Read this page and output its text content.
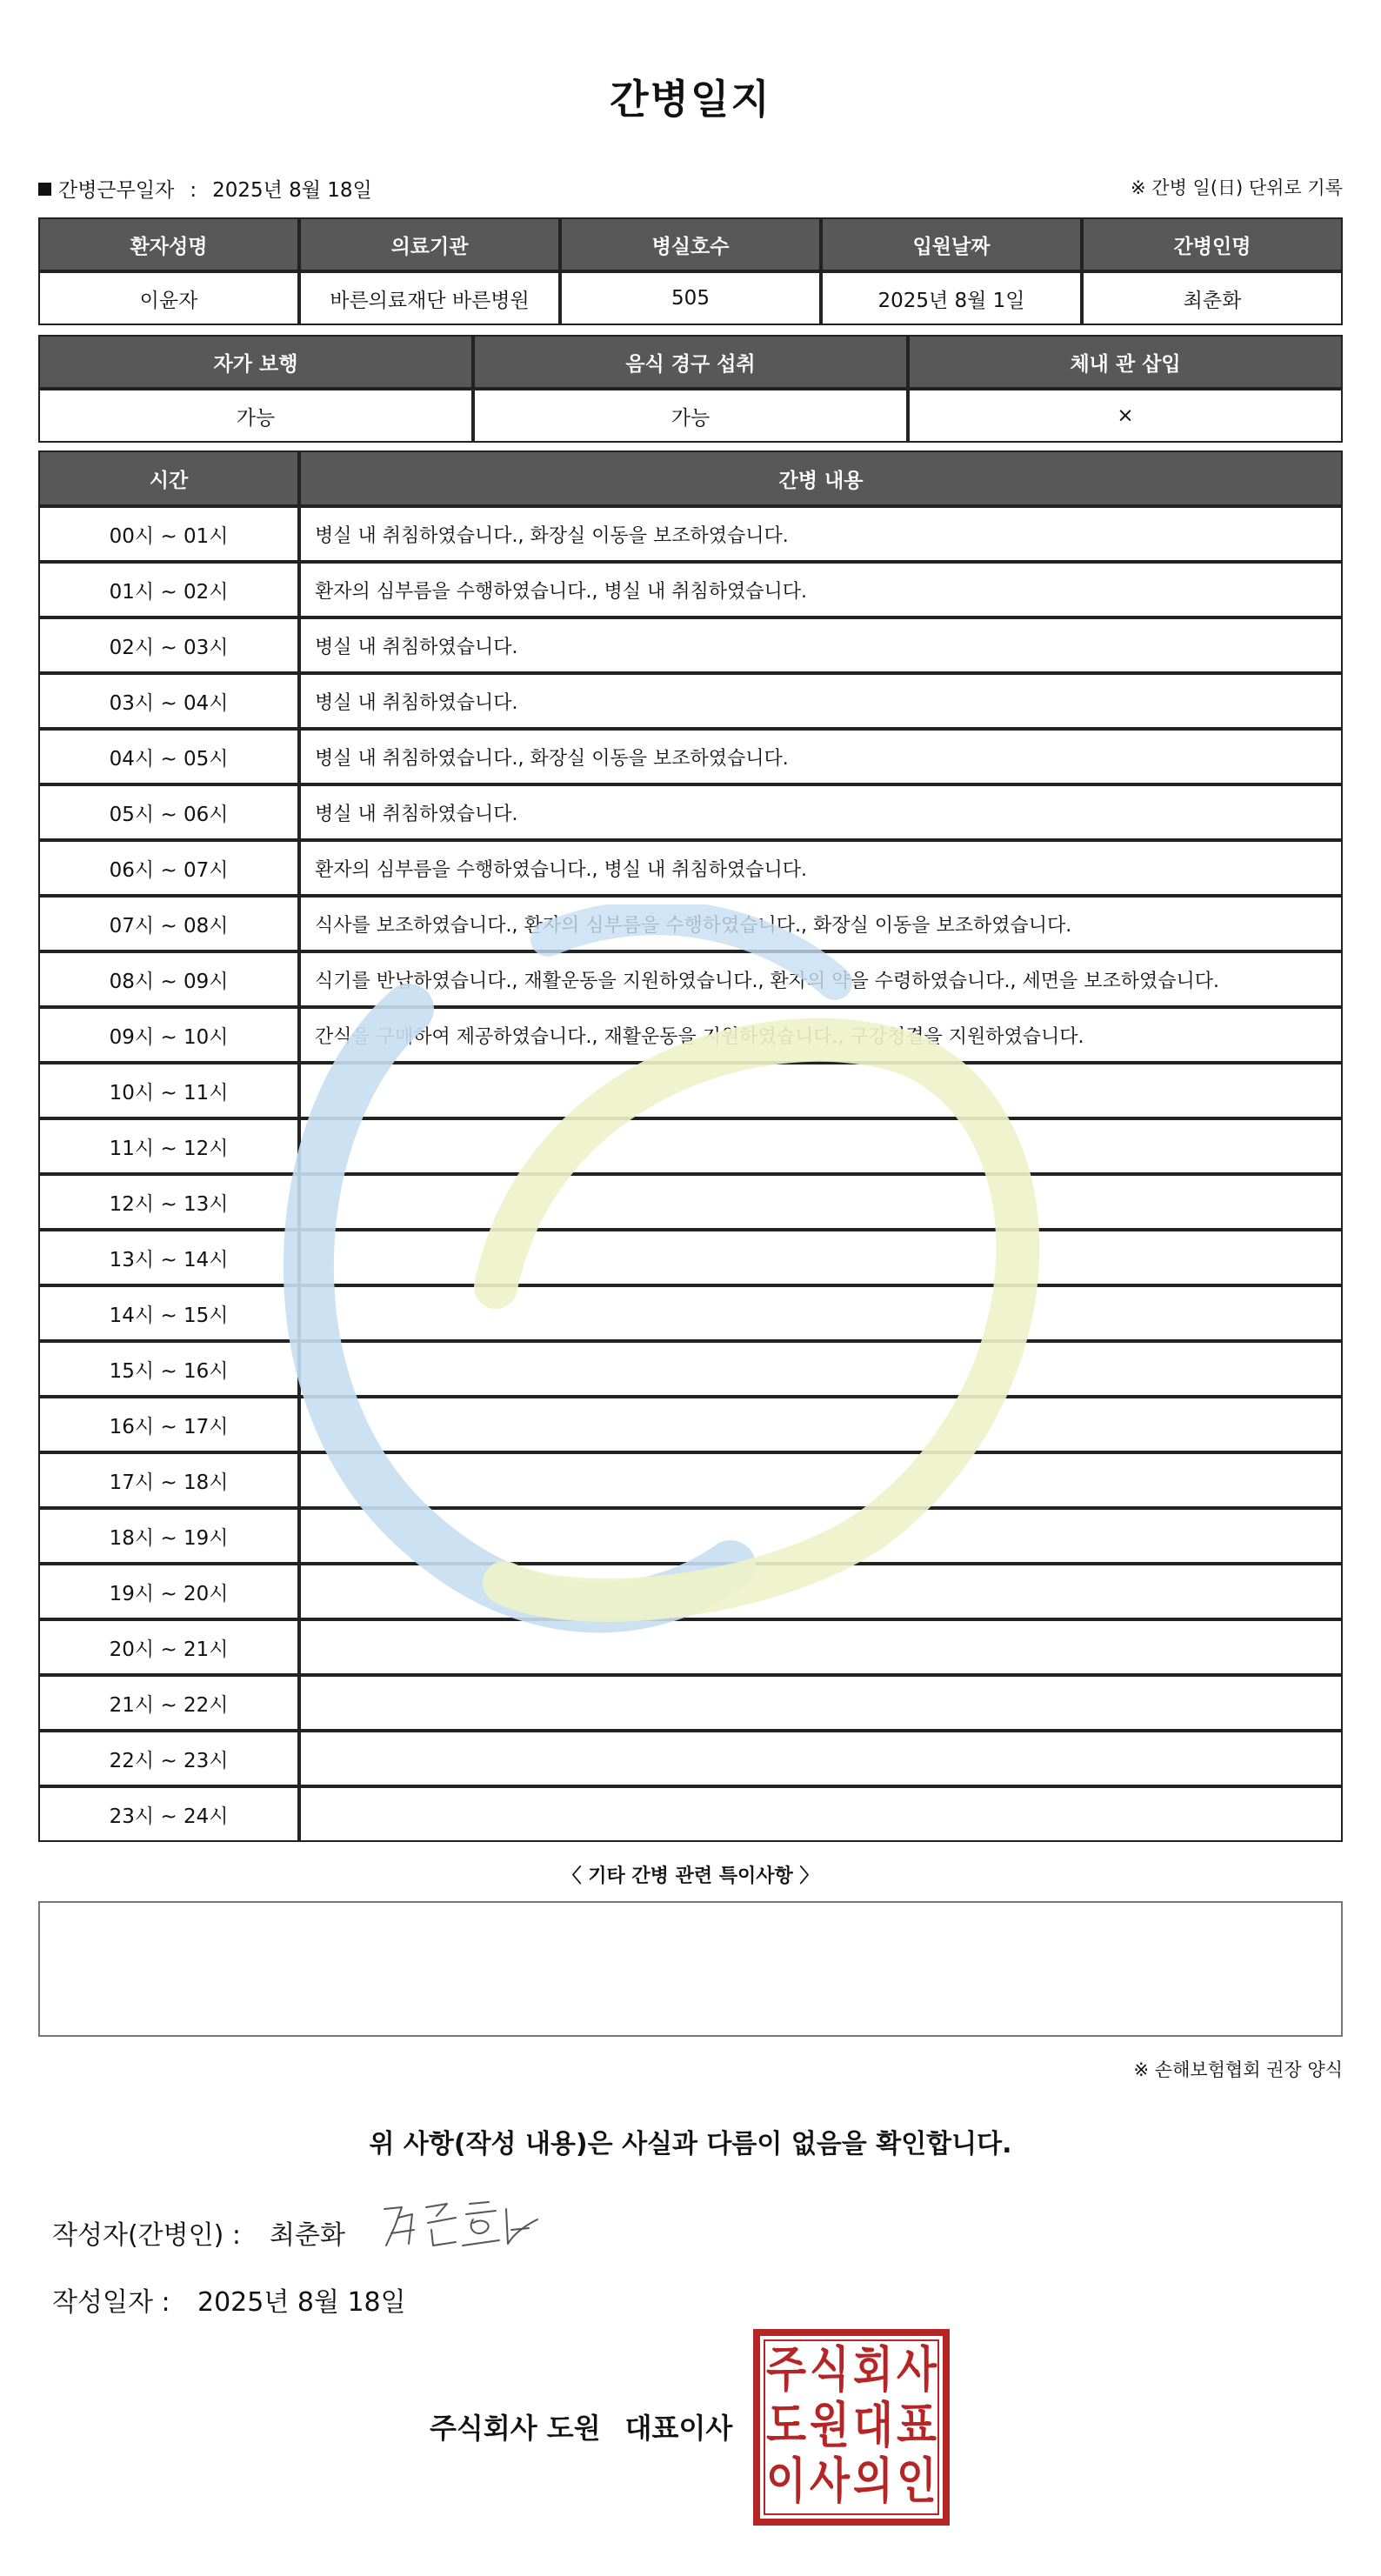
간병일지
간병근무일자 : 2025년 8월 18일	※ 간병 일(日) 단위로 기록
환자성명	의료기관	병실호수	입원날짜	간병인명
이윤자	바른의료재단 바른병원	505	2025년 8월 1일	최춘화
자가 보행	음식 경구 섭취	체내 관 삽입
가능	가능	×
시간	간병 내용
00시 ~ 01시	병실 내 취침하였습니다., 화장실 이동을 보조하였습니다.
01시 ~ 02시	환자의 심부름을 수행하였습니다., 병실 내 취침하였습니다.
02시 ~ 03시	병실 내 취침하였습니다.
03시 ~ 04시	병실 내 취침하였습니다.
04시 ~ 05시	병실 내 취침하였습니다., 화장실 이동을 보조하였습니다.
05시 ~ 06시	병실 내 취침하였습니다.
06시 ~ 07시	환자의 심부름을 수행하였습니다., 병실 내 취침하였습니다.
07시 ~ 08시	식사를 보조하였습니다., 환자의 심부름을 수행하였습니다., 화장실 이동을 보조하였습니다.
08시 ~ 09시	식기를 반납하였습니다., 재활운동을 지원하였습니다., 환자의 약을 수령하였습니다., 세면을 보조하였습니다.
09시 ~ 10시	간식을 구매하여 제공하였습니다., 재활운동을 지원하였습니다., 구강청결을 지원하였습니다.
10시 ~ 11시	
11시 ~ 12시	
12시 ~ 13시	
13시 ~ 14시	
14시 ~ 15시	
15시 ~ 16시	
16시 ~ 17시	
17시 ~ 18시	
18시 ~ 19시	
19시 ~ 20시	
20시 ~ 21시	
21시 ~ 22시	
22시 ~ 23시	
23시 ~ 24시	
〈 기타 간병 관련 특이사항 〉
※ 손해보험협회 권장 양식
위 사항(작성 내용)은 사실과 다름이 없음을 확인합니다.
작성자(간병인) : 최춘화
작성일자 : 2025년 8월 18일
주식회사 도원 대표이사
주 식 회 사
도 원 대 표
이 사 의 인
